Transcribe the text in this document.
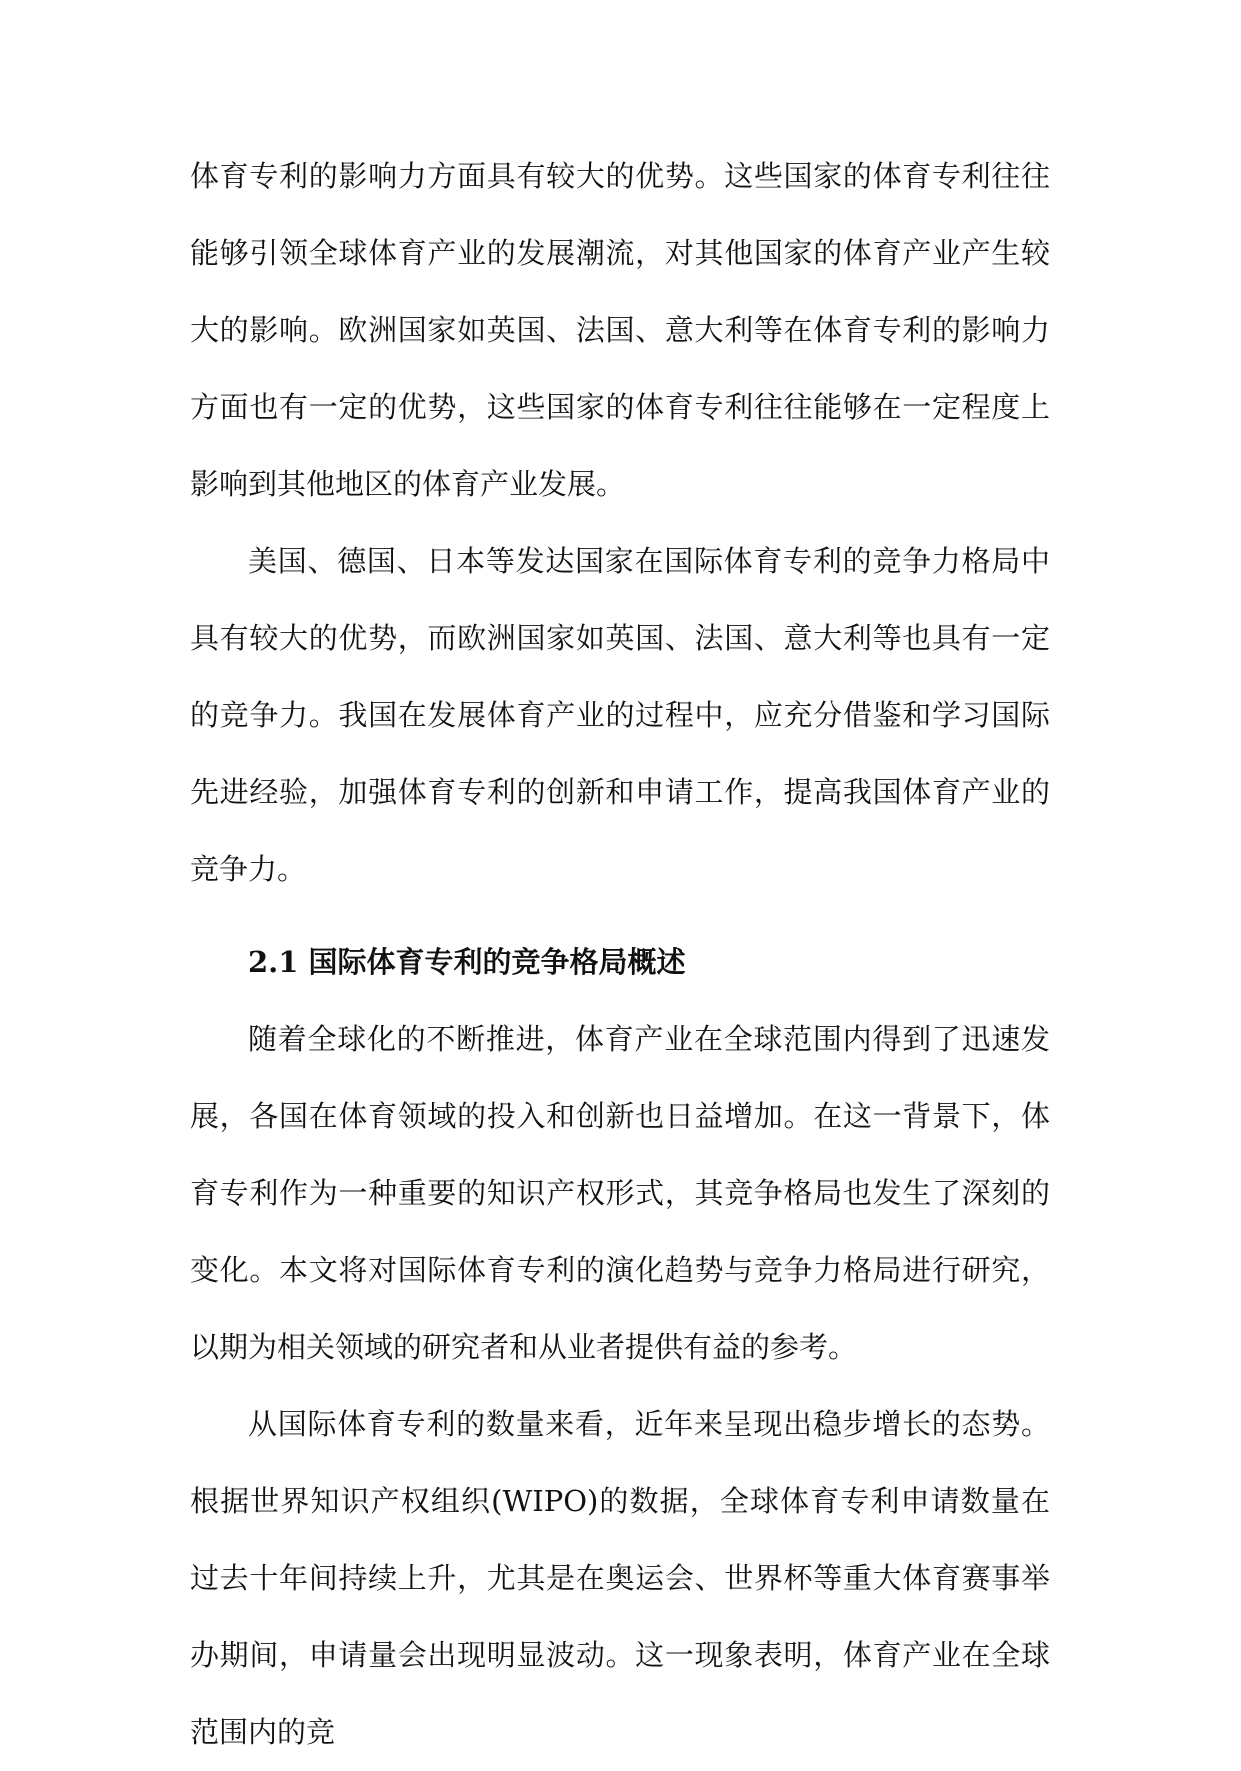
体育专利的影响力方面具有较大的优势。这些国家的体育专利往往能够引领全球体育产业的发展潮流，对其他国家的体育产业产生较大的影响。欧洲国家如英国、法国、意大利等在体育专利的影响力方面也有一定的优势，这些国家的体育专利往往能够在一定程度上影响到其他地区的体育产业发展。

美国、德国、日本等发达国家在国际体育专利的竞争力格局中具有较大的优势，而欧洲国家如英国、法国、意大利等也具有一定的竞争力。我国在发展体育产业的过程中，应充分借鉴和学习国际先进经验，加强体育专利的创新和申请工作，提高我国体育产业的竞争力。

2.1 国际体育专利的竞争格局概述

随着全球化的不断推进，体育产业在全球范围内得到了迅速发展，各国在体育领域的投入和创新也日益增加。在这一背景下，体育专利作为一种重要的知识产权形式，其竞争格局也发生了深刻的变化。本文将对国际体育专利的演化趋势与竞争力格局进行研究，以期为相关领域的研究者和从业者提供有益的参考。

从国际体育专利的数量来看，近年来呈现出稳步增长的态势。根据世界知识产权组织(WIPO)的数据，全球体育专利申请数量在过去十年间持续上升，尤其是在奥运会、世界杯等重大体育赛事举办期间，申请量会出现明显波动。这一现象表明，体育产业在全球范围内的竞
